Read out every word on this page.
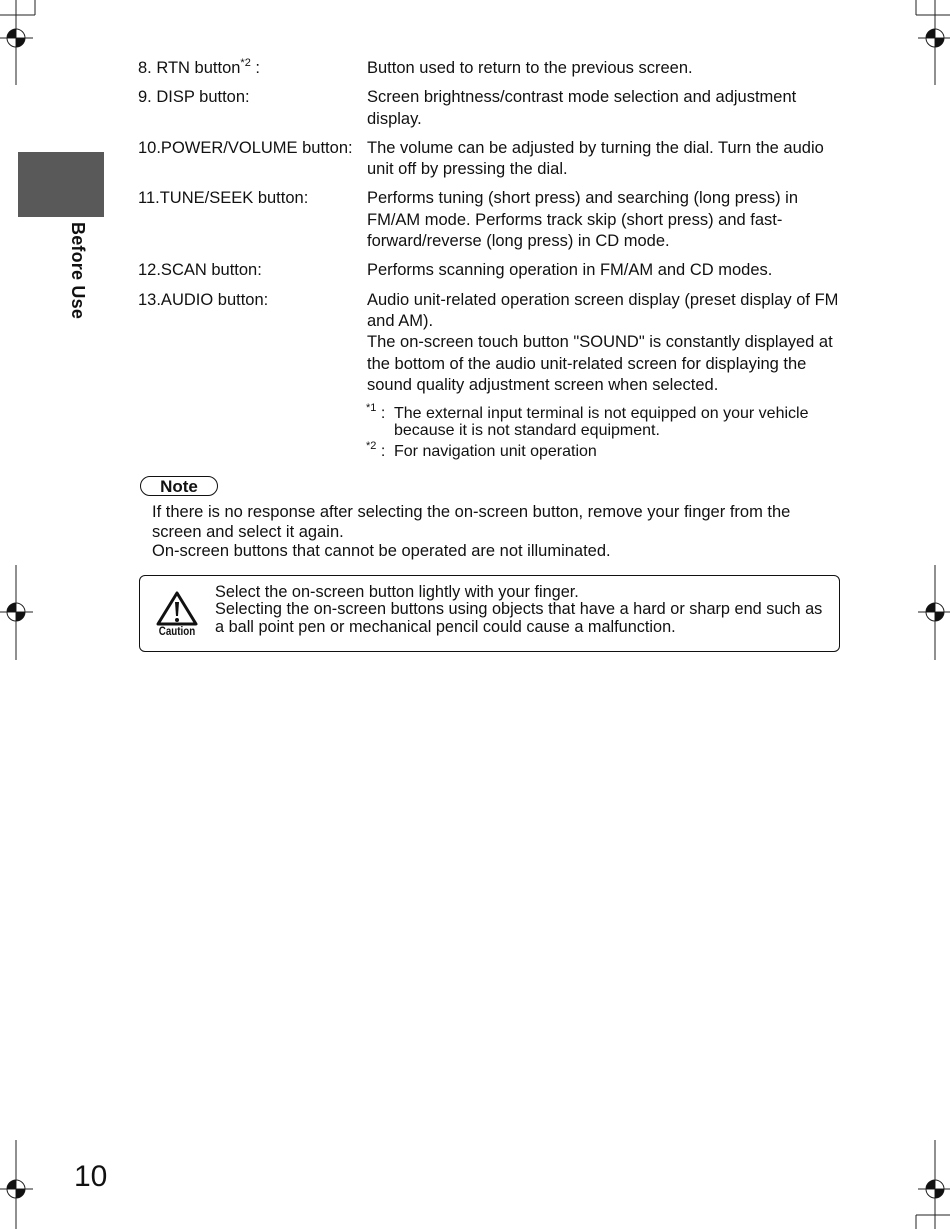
Before Use
8. RTN button$^{*2}$ :	Button used to return to the previous screen.

9. DISP button:	Screen brightness/contrast mode selection and adjustment display.

10.POWER/VOLUME button: The volume can be adjusted by turning the dial. Turn the audio unit off by pressing the dial.

11.TUNE/SEEK button:	Performs tuning (short press) and searching (long press) in FM/AM mode. Performs track skip (short press) and fast-forward/reverse (long press) in CD mode.

12.SCAN button:	Performs scanning operation in FM/AM and CD modes.

13.AUDIO button:	Audio unit-related operation screen display (preset display of FM and AM).

The on-screen touch button "SOUND" is constantly displayed at the bottom of the audio unit-related screen for displaying the sound quality adjustment screen when selected.

$^{*1}$ : The external input terminal is not equipped on your vehicle because it is not standard equipment.
$^{*2}$ : For navigation unit operation
Note

If there is no response after selecting the on-screen button, remove your finger from the screen and select it again.

On-screen buttons that cannot be operated are not illuminated.

Caution

Select the on-screen button lightly with your finger.

Selecting the on-screen buttons using objects that have a hard or sharp end such as a ball point pen or mechanical pencil could cause a malfunction.

10
